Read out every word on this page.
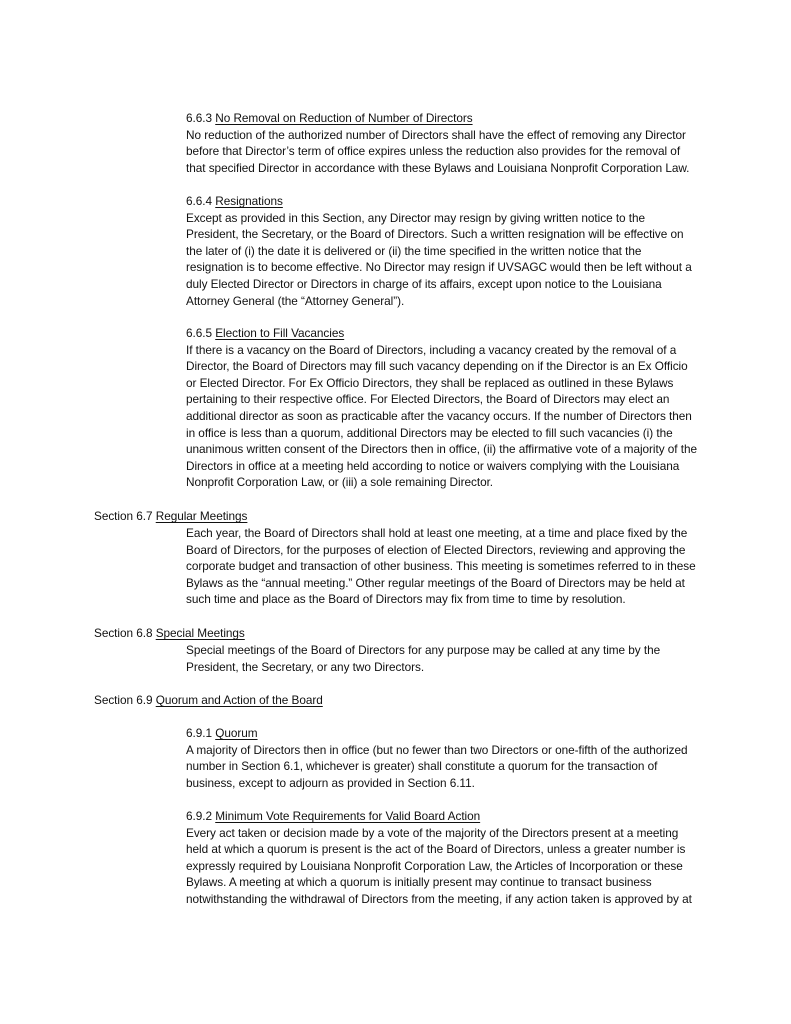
6.6.3 No Removal on Reduction of Number of Directors

No reduction of the authorized number of Directors shall have the effect of removing any Director
before that Director’s term of office expires unless the reduction also provides for the removal of
that specified Director in accordance with these Bylaws and Louisiana Nonprofit Corporation Law.

6.6.4 Resignations

Except as provided in this Section, any Director may resign by giving written notice to the
President, the Secretary, or the Board of Directors. Such a written resignation will be effective on
the later of (i) the date it is delivered or (ii) the time specified in the written notice that the
resignation is to become effective. No Director may resign if UVSAGC would then be left without a
duly Elected Director or Directors in charge of its affairs, except upon notice to the Louisiana
Attorney General (the “Attorney General”).

6.6.5 Election to Fill Vacancies

If there is a vacancy on the Board of Directors, including a vacancy created by the removal of a
Director, the Board of Directors may fill such vacancy depending on if the Director is an Ex Officio
or Elected Director. For Ex Officio Directors, they shall be replaced as outlined in these Bylaws
pertaining to their respective office. For Elected Directors, the Board of Directors may elect an
additional director as soon as practicable after the vacancy occurs. If the number of Directors then
in office is less than a quorum, additional Directors may be elected to fill such vacancies (i) the
unanimous written consent of the Directors then in office, (ii) the affirmative vote of a majority of the
Directors in office at a meeting held according to notice or waivers complying with the Louisiana
Nonprofit Corporation Law, or (iii) a sole remaining Director.

Section 6.7 Regular Meetings

Each year, the Board of Directors shall hold at least one meeting, at a time and place fixed by the
Board of Directors, for the purposes of election of Elected Directors, reviewing and approving the
corporate budget and transaction of other business. This meeting is sometimes referred to in these
Bylaws as the “annual meeting.” Other regular meetings of the Board of Directors may be held at
such time and place as the Board of Directors may fix from time to time by resolution.

Section 6.8 Special Meetings

Special meetings of the Board of Directors for any purpose may be called at any time by the
President, the Secretary, or any two Directors.

Section 6.9 Quorum and Action of the Board
6.9.1 Quorum

A majority of Directors then in office (but no fewer than two Directors or one-fifth of the authorized
number in Section 6.1, whichever is greater) shall constitute a quorum for the transaction of
business, except to adjourn as provided in Section 6.11.

6.9.2 Minimum Vote Requirements for Valid Board Action

Every act taken or decision made by a vote of the majority of the Directors present at a meeting
held at which a quorum is present is the act of the Board of Directors, unless a greater number is
expressly required by Louisiana Nonprofit Corporation Law, the Articles of Incorporation or these
Bylaws. A meeting at which a quorum is initially present may continue to transact business
notwithstanding the withdrawal of Directors from the meeting, if any action taken is approved by at
